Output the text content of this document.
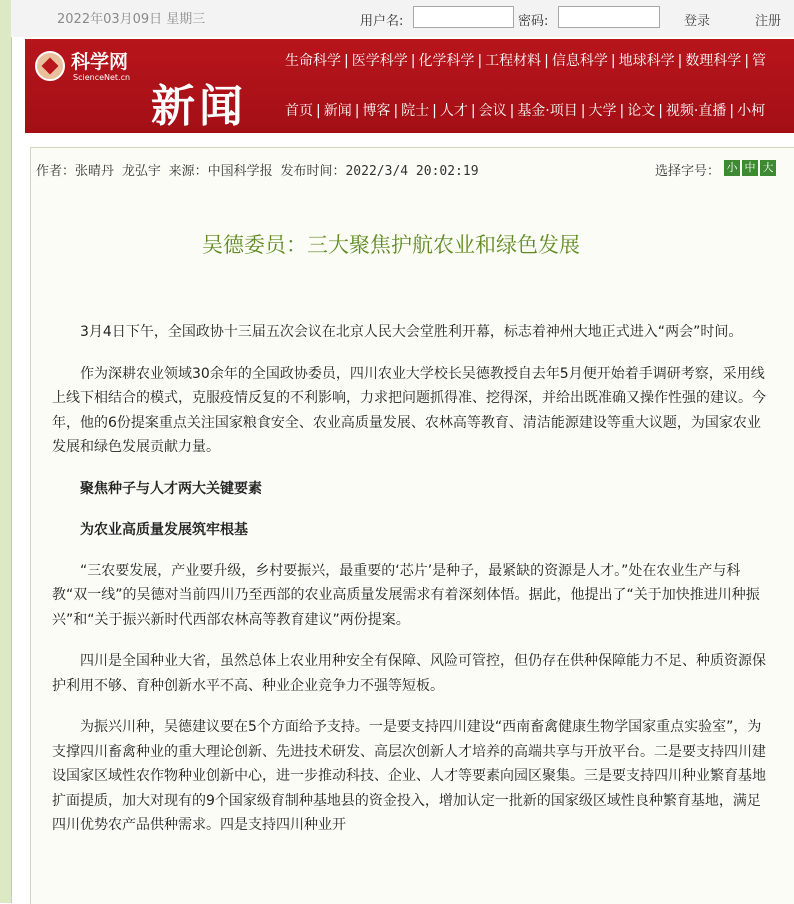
2022年03月09日 星期三	用户名:	密码:	登录	注册
科学网
ScienceNet.cn
新闻
生命科学 | 医学科学 | 化学科学 | 工程材料 | 信息科学 | 地球科学 | 数理科学 | 管
首页 | 新闻 | 博客 | 院士 | 人才 | 会议 | 基金·项目 | 大学 | 论文 | 视频·直播 | 小柯
作者：张晴丹 龙弘宇 来源：中国科学报 发布时间：2022/3/4 20:02:19	选择字号： 小 中 大
吴德委员：三大聚焦护航农业和绿色发展

3月4日下午，全国政协十三届五次会议在北京人民大会堂胜利开幕，标志着神州大地正式进入“两会”时间。

作为深耕农业领域30余年的全国政协委员，四川农业大学校长吴德教授自去年5月便开始着手调研考察，采用线上线下相结合的模式，克服疫情反复的不利影响，力求把问题抓得准、挖得深，并给出既准确又操作性强的建议。今年，他的6份提案重点关注国家粮食安全、农业高质量发展、农林高等教育、清洁能源建设等重大议题，为国家农业发展和绿色发展贡献力量。

聚焦种子与人才两大关键要素

为农业高质量发展筑牢根基

“三农要发展，产业要升级，乡村要振兴，最重要的‘芯片’是种子，最紧缺的资源是人才。”处在农业生产与科教“双一线”的吴德对当前四川乃至西部的农业高质量发展需求有着深刻体悟。据此，他提出了“关于加快推进川种振兴”和“关于振兴新时代西部农林高等教育建议”两份提案。

四川是全国种业大省，虽然总体上农业用种安全有保障、风险可管控，但仍存在供种保障能力不足、种质资源保护利用不够、育种创新水平不高、种业企业竞争力不强等短板。

为振兴川种，吴德建议要在5个方面给予支持。一是要支持四川建设“西南畜禽健康生物学国家重点实验室”，为支撑四川畜禽种业的重大理论创新、先进技术研发、高层次创新人才培养的高端共享与开放平台。二是要支持四川建设国家区域性农作物种业创新中心，进一步推动科技、企业、人才等要素向园区聚集。三是要支持四川种业繁育基地扩面提质，加大对现有的9个国家级育制种基地县的资金投入，增加认定一批新的国家级区域性良种繁育基地，满足四川优势农产品供种需求。四是支持四川种业开
